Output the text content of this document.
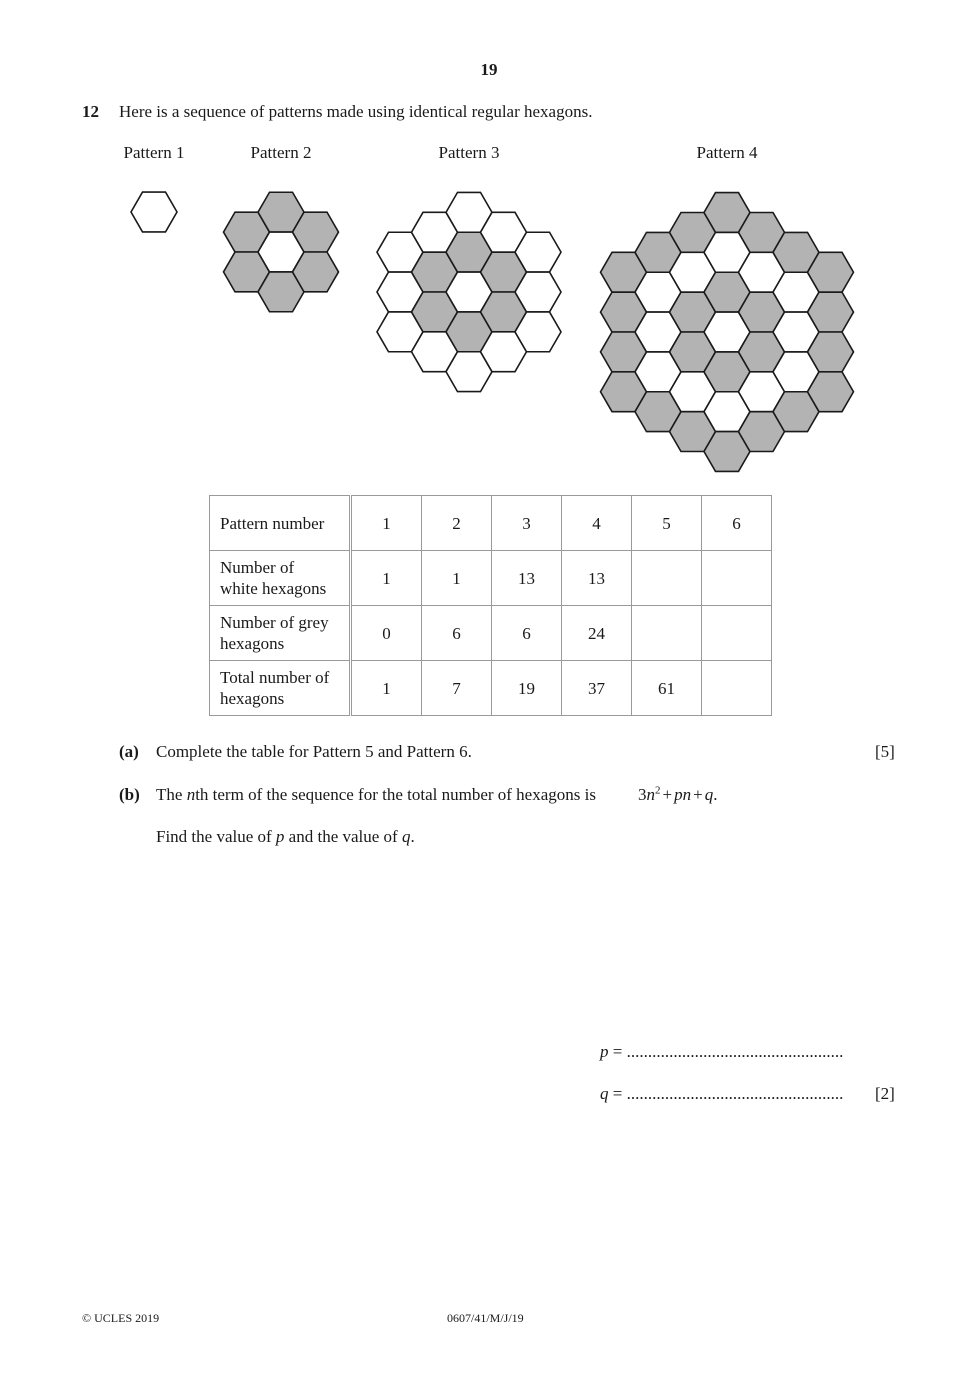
19
12 Here is a sequence of patterns made using identical regular hexagons.
Pattern 1	Pattern 2	Pattern 3	Pattern 4
Pattern number	1	2	3	4	5	6
Number of
white hexagons	1	1	13	13		
Number of grey
hexagons	0	6	6	24		
Total number of
hexagons	1	7	19	37	61	
(a) Complete the table for Pattern 5 and Pattern 6.	[5]
(b) The nth term of the sequence for the total number of hexagons is $3n^2$ + pn + q.
Find the value of p and the value of q.
p = ...................................................
q = ................................................... [2]
© UCLES 2019	0607/41/M/J/19
